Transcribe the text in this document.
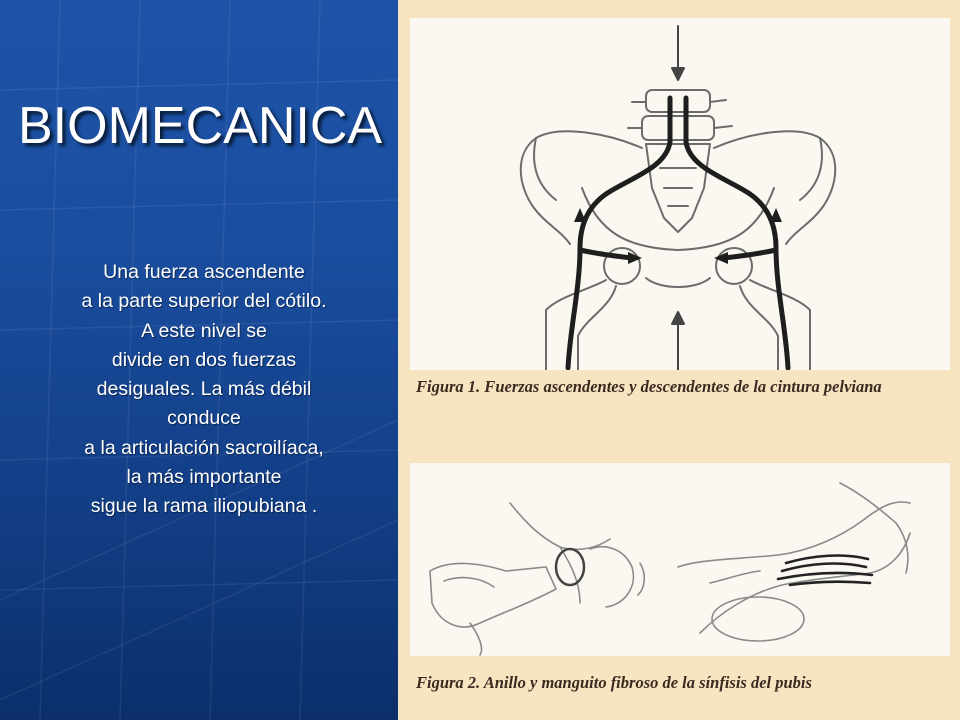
BIOMECANICA
Una fuerza ascendente
a la parte superior del cótilo.
A este nivel se
divide en dos fuerzas
desiguales. La más débil
conduce
a la articulación sacroilíaca,
la más importante
sigue la rama iliopubiana .
Figura 1. Fuerzas ascendentes y descendentes de la cintura pelviana
Figura 2. Anillo y manguito fibroso de la sínfisis del pubis
